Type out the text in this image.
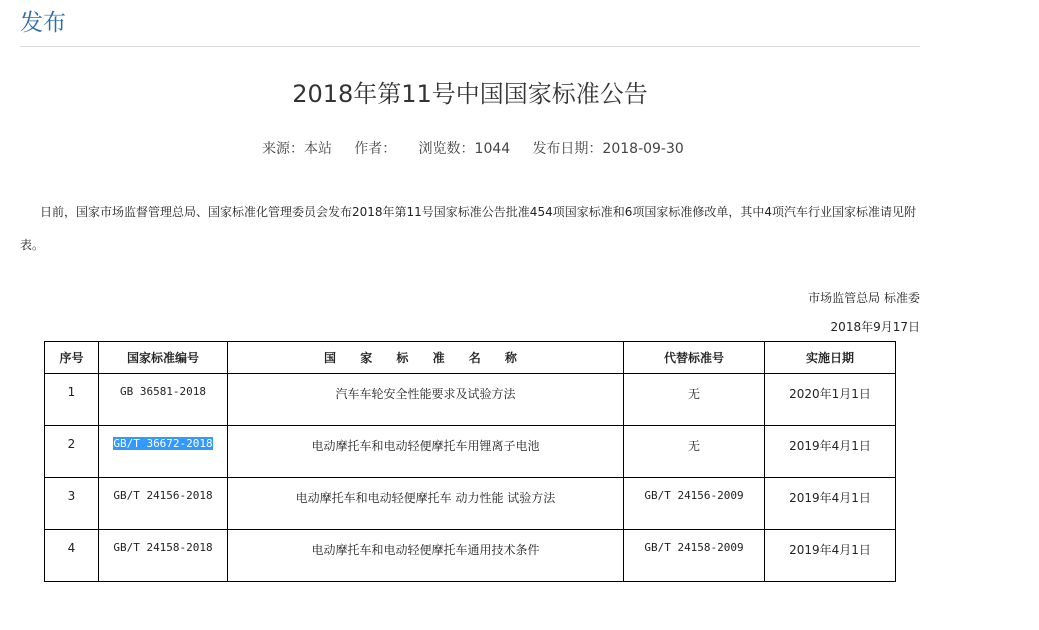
发布
2018年第11号中国国家标准公告
来源：本站 作者： 浏览数：1044 发布日期：2018-09-30
日前，国家市场监督管理总局、国家标准化管理委员会发布2018年第11号国家标准公告批准454项国家标准和6项国家标准修改单，其中4项汽车行业国家标准请见附表。
市场监管总局 标准委
2018年9月17日
序号	国家标准编号	国 家 标 准 名 称	代替标准号	实施日期
1	GB 36581-2018	汽车车轮安全性能要求及试验方法	无	2020年1月1日
2	GB/T 36672-2018	电动摩托车和电动轻便摩托车用锂离子电池	无	2019年4月1日
3	GB/T 24156-2018	电动摩托车和电动轻便摩托车 动力性能 试验方法	GB/T 24156-2009	2019年4月1日
4	GB/T 24158-2018	电动摩托车和电动轻便摩托车通用技术条件	GB/T 24158-2009	2019年4月1日
